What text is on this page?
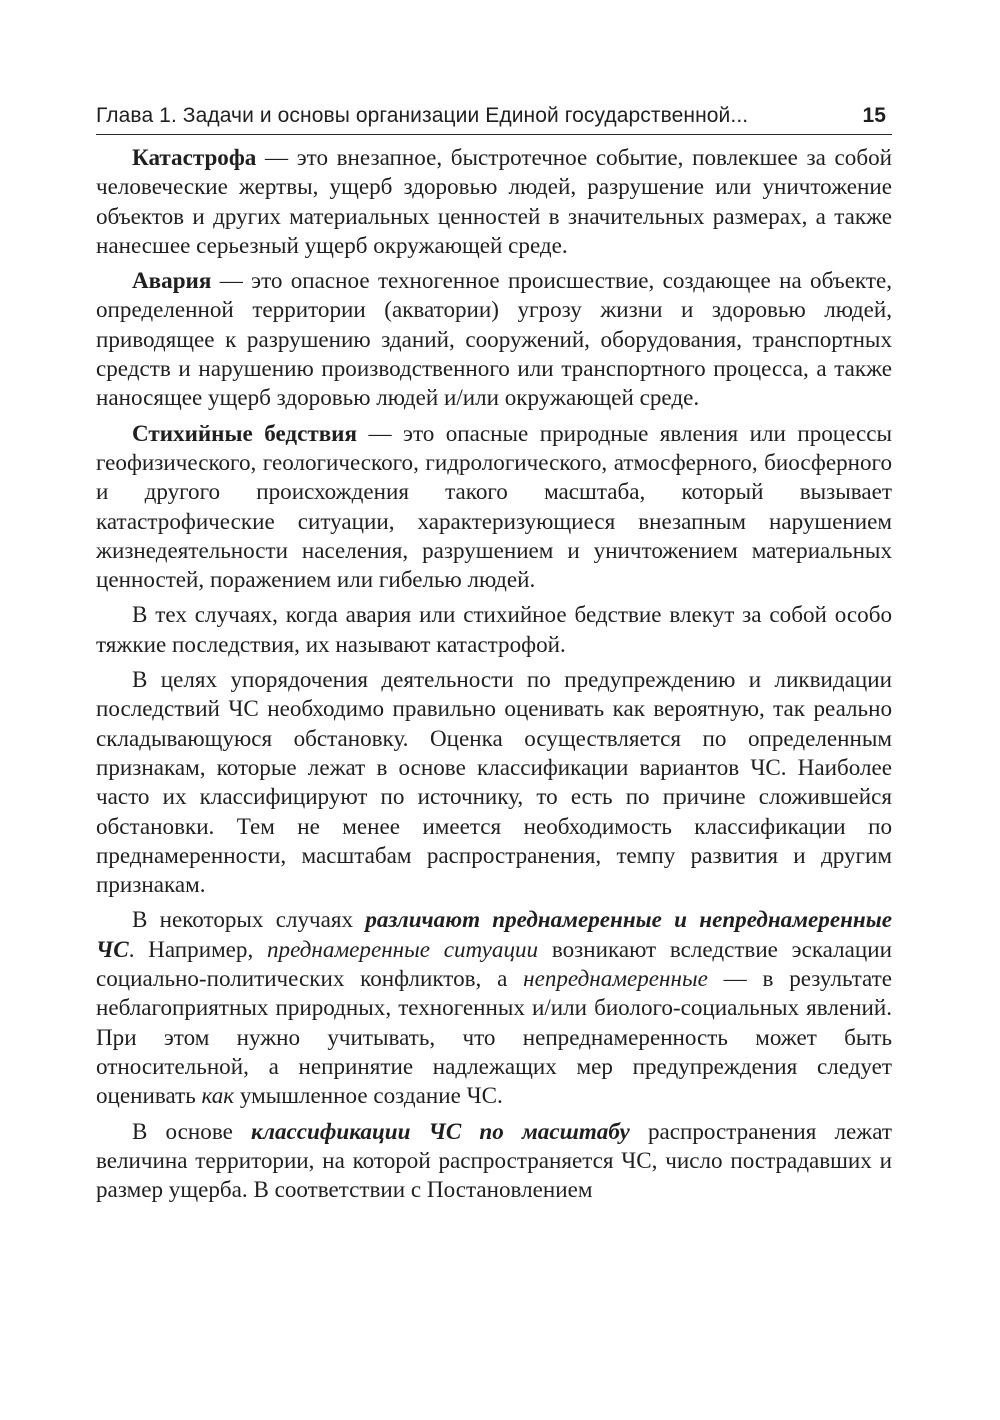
Глава 1. Задачи и основы организации Единой государственной...	15

Катастрофа — это внезапное, быстротечное событие, повлекшее за собой человеческие жертвы, ущерб здоровью людей, разрушение или уничтожение объектов и других материальных ценностей в значительных размерах, а также нанесшее серьезный ущерб окружающей среде.

Авария — это опасное техногенное происшествие, создающее на объекте, определенной территории (акватории) угрозу жизни и здоровью людей, приводящее к разрушению зданий, сооружений, оборудования, транспортных средств и нарушению производственного или транспортного процесса, а также наносящее ущерб здоровью людей и/или окружающей среде.

Стихийные бедствия — это опасные природные явления или процессы геофизического, геологического, гидрологического, атмосферного, биосферного и другого происхождения такого масштаба, который вызывает катастрофические ситуации, характеризующиеся внезапным нарушением жизнедеятельности населения, разрушением и уничтожением материальных ценностей, поражением или гибелью людей.

В тех случаях, когда авария или стихийное бедствие влекут за собой особо тяжкие последствия, их называют катастрофой.

В целях упорядочения деятельности по предупреждению и ликвидации последствий ЧС необходимо правильно оценивать как вероятную, так реально складывающуюся обстановку. Оценка осуществляется по определенным признакам, которые лежат в основе классификации вариантов ЧС. Наиболее часто их классифицируют по источнику, то есть по причине сложившейся обстановки. Тем не менее имеется необходимость классификации по преднамеренности, масштабам распространения, темпу развития и другим признакам.

В некоторых случаях различают преднамеренные и непреднамеренные ЧС. Например, преднамеренные ситуации возникают вследствие эскалации социально-политических конфликтов, а непреднамеренные — в результате неблагоприятных природных, техногенных и/или биолого-социальных явлений. При этом нужно учитывать, что непреднамеренность может быть относительной, а непринятие надлежащих мер предупреждения следует оценивать как умышленное создание ЧС.

В основе классификации ЧС по масштабу распространения лежат величина территории, на которой распространяется ЧС, число пострадавших и размер ущерба. В соответствии с Постановлением
